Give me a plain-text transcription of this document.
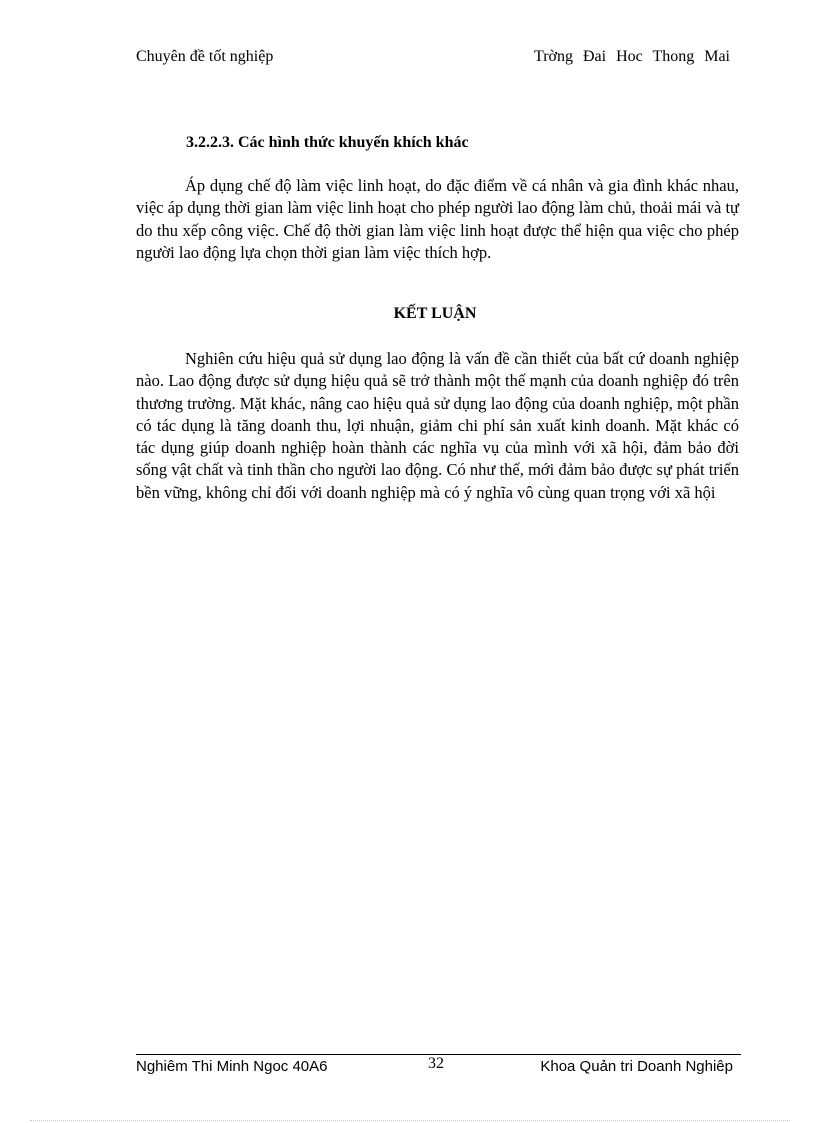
Chuyên đề tốt nghiệp	Trờng Đai Hoc Thong Mai
3.2.2.3. Các hình thức khuyến khích khác

Áp dụng chế độ làm việc linh hoạt, do đặc điểm về cá nhân và gia đình khác nhau, việc áp dụng thời gian làm việc linh hoạt cho phép người lao động làm chủ, thoải mái và tự do thu xếp công việc. Chế độ thời gian làm việc linh hoạt được thể hiện qua việc cho phép người lao động lựa chọn thời gian làm việc thích hợp.

KẾT LUẬN

Nghiên cứu hiệu quả sử dụng lao động là vấn đề cần thiết của bất cứ doanh nghiệp nào. Lao động được sử dụng hiệu quả sẽ trở thành một thế mạnh của doanh nghiệp đó trên thương trường. Mặt khác, nâng cao hiệu quả sử dụng lao động của doanh nghiệp, một phần có tác dụng là tăng doanh thu, lợi nhuận, giảm chi phí sản xuất kinh doanh. Mặt khác có tác dụng giúp doanh nghiệp hoàn thành các nghĩa vụ của mình với xã hội, đảm bảo đời sống vật chất và tinh thần cho người lao động. Có như thế, mới đảm bảo được sự phát triển bền vững, không chỉ đối với doanh nghiệp mà có ý nghĩa vô cùng quan trọng với xã hội

Nghiêm Thi Minh Ngoc 40A6	32	Khoa Quản tri Doanh Nghiêp
